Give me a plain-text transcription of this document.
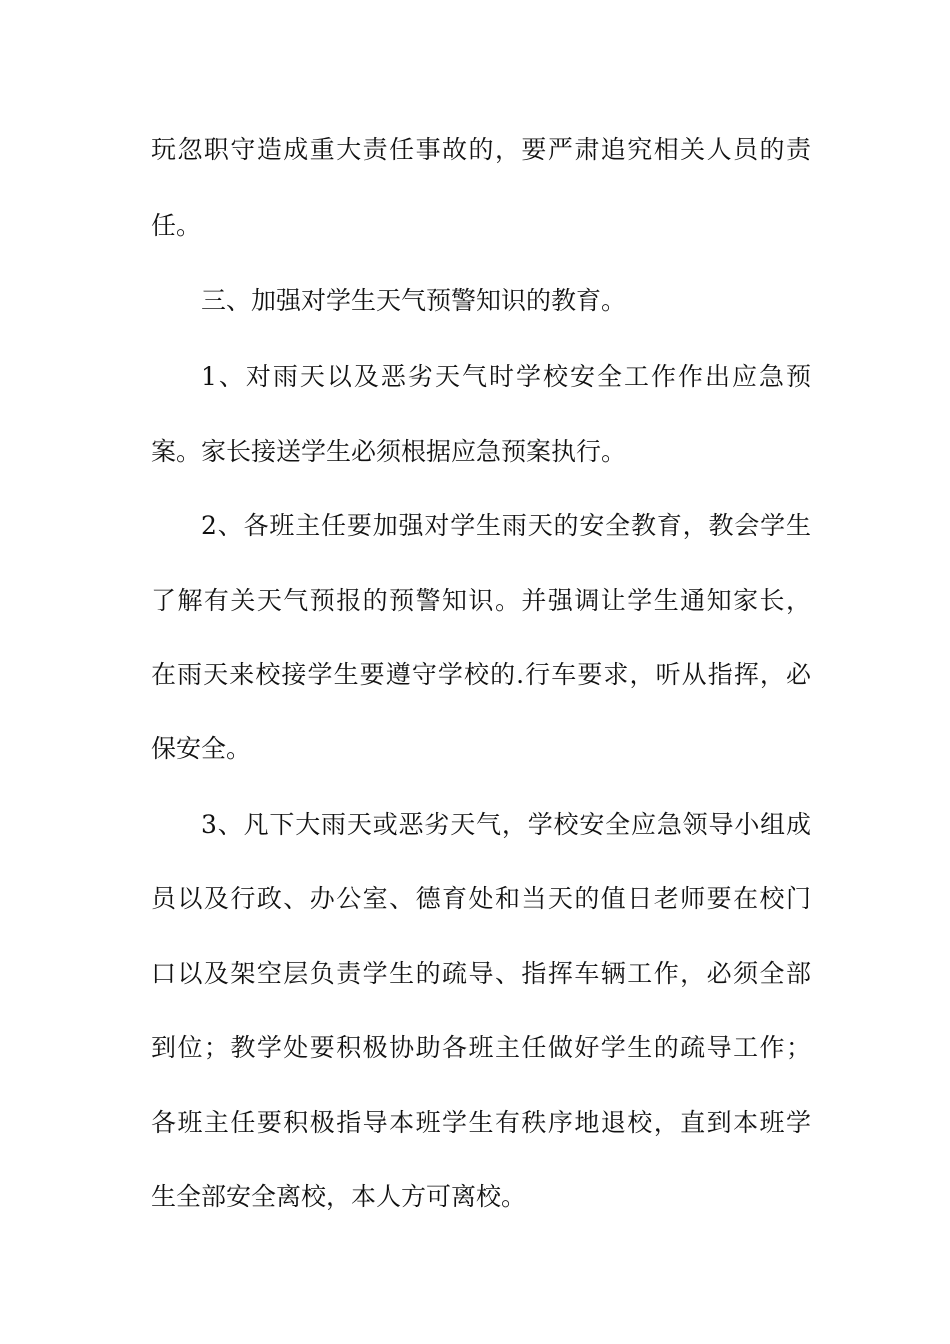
玩忽职守造成重大责任事故的，要严肃追究相关人员的责
任。
三、加强对学生天气预警知识的教育。
1、对雨天以及恶劣天气时学校安全工作作出应急预
案。家长接送学生必须根据应急预案执行。
2、各班主任要加强对学生雨天的安全教育，教会学生
了解有关天气预报的预警知识。并强调让学生通知家长，
在雨天来校接学生要遵守学校的.行车要求，听从指挥，必
保安全。
3、凡下大雨天或恶劣天气，学校安全应急领导小组成
员以及行政、办公室、德育处和当天的值日老师要在校门
口以及架空层负责学生的疏导、指挥车辆工作，必须全部
到位；教学处要积极协助各班主任做好学生的疏导工作；
各班主任要积极指导本班学生有秩序地退校，直到本班学
生全部安全离校，本人方可离校。
